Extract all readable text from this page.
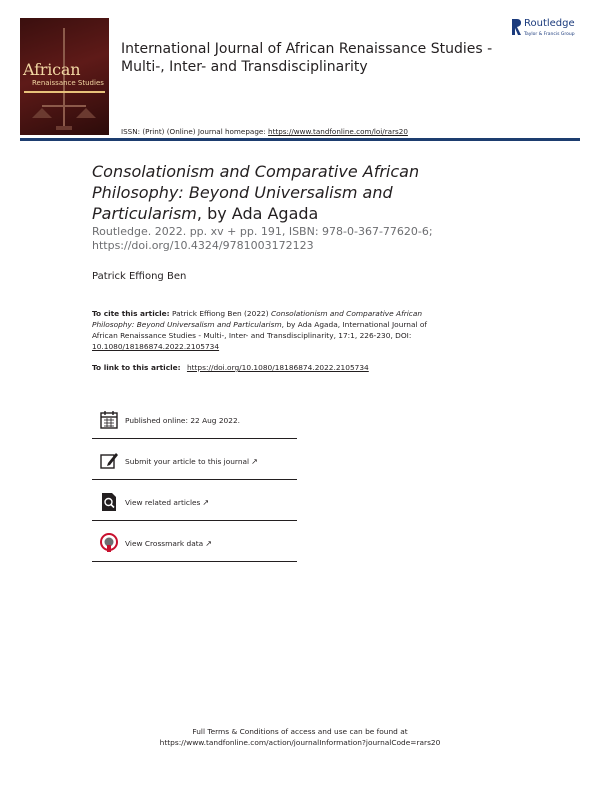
African
Renaissance Studies
Routledge
Taylor & Francis Group
International Journal of African Renaissance Studies - Multi-, Inter- and Transdisciplinarity
ISSN: (Print) (Online) Journal homepage: https://www.tandfonline.com/loi/rars20
Consolationism and Comparative African Philosophy: Beyond Universalism and Particularism, by Ada Agada
Routledge. 2022. pp. xv + pp. 191, ISBN: 978-0-367-77620-6; https://doi.org/10.4324/9781003172123
Patrick Effiong Ben
To cite this article: Patrick Effiong Ben (2022) Consolationism and Comparative African Philosophy: Beyond Universalism and Particularism, by Ada Agada, International Journal of African Renaissance Studies - Multi-, Inter- and Transdisciplinarity, 17:1, 226-230, DOI: 10.1080/18186874.2022.2105734
To link to this article: https://doi.org/10.1080/18186874.2022.2105734
Published online: 22 Aug 2022.
Submit your article to this journal ↗
View related articles ↗
View Crossmark data ↗
Full Terms & Conditions of access and use can be found at
https://www.tandfonline.com/action/journalInformation?journalCode=rars20
